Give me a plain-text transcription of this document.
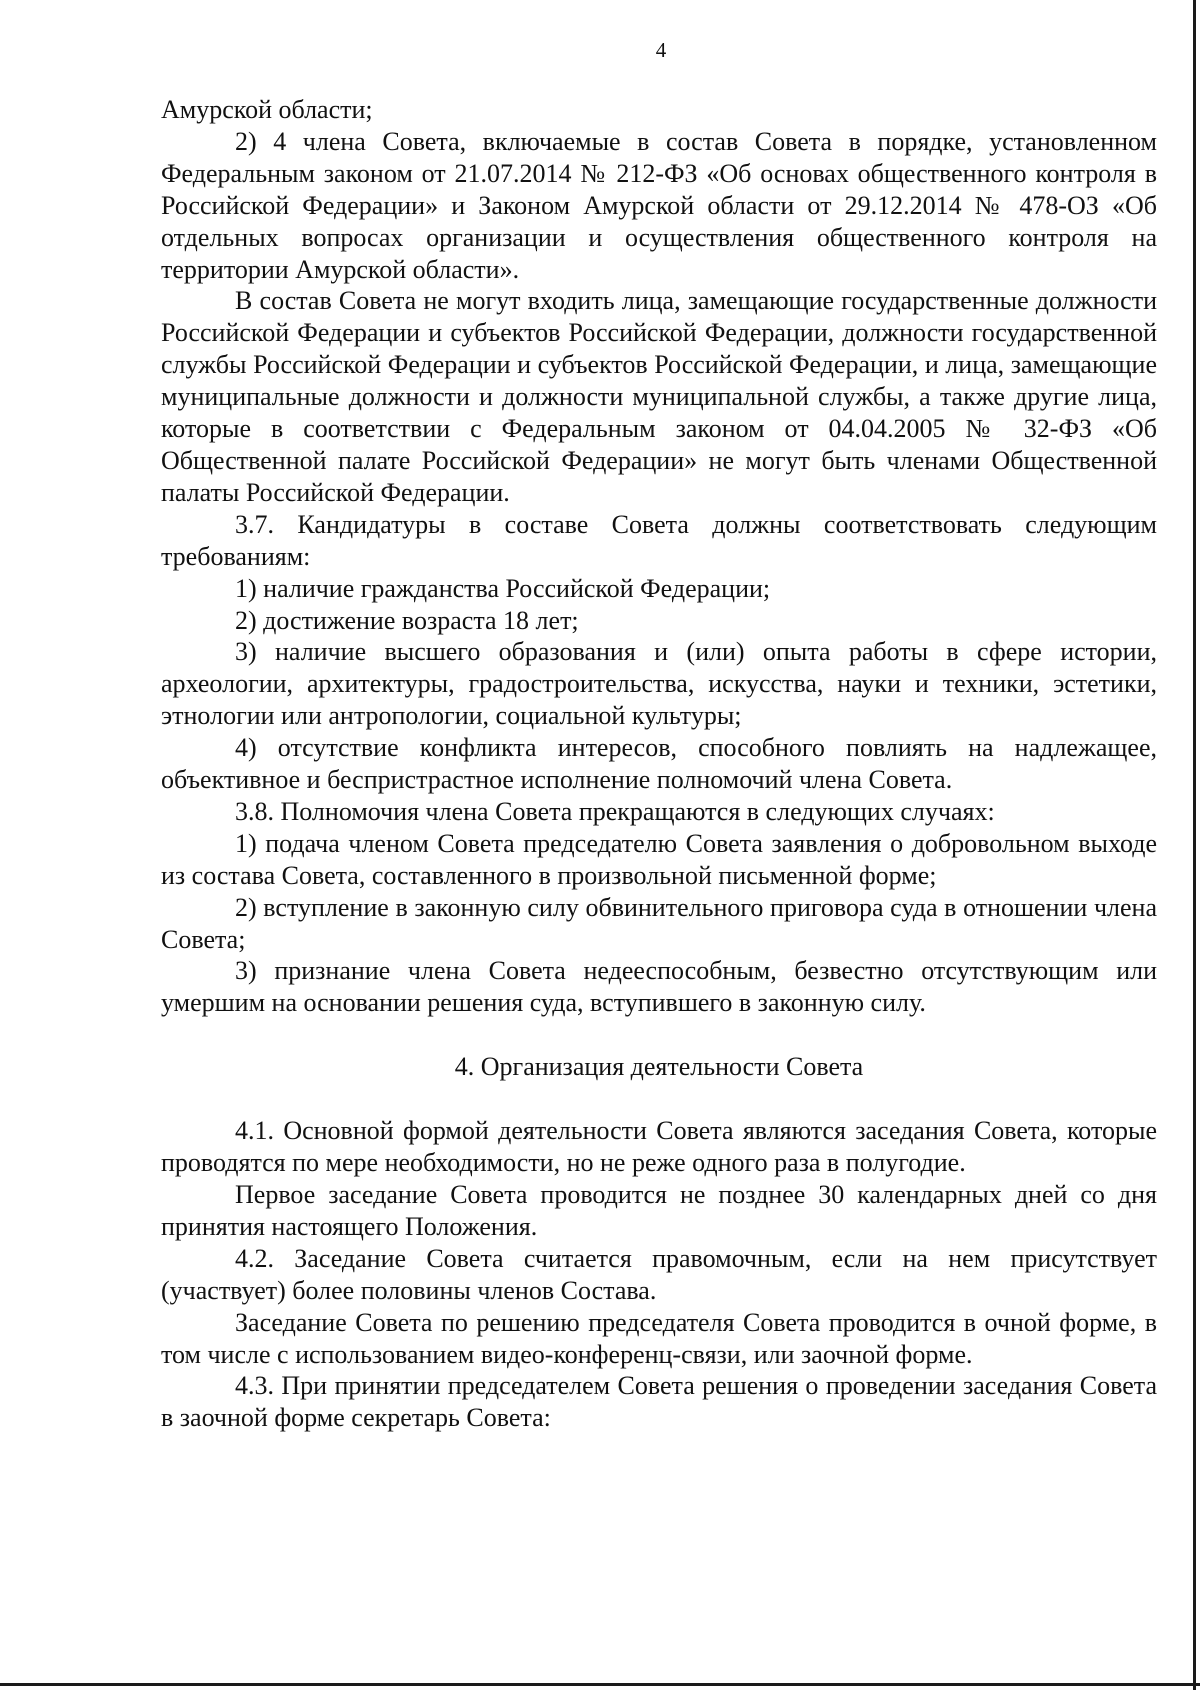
4

Амурской области;

2) 4 члена Совета, включаемые в состав Совета в порядке, установленном Федеральным законом от 21.07.2014 № 212-ФЗ «Об основах общественного контроля в Российской Федерации» и Законом Амурской области от 29.12.2014 № 478-ОЗ «Об отдельных вопросах организации и осуществления общественного контроля на территории Амурской области».

В состав Совета не могут входить лица, замещающие государственные должности Российской Федерации и субъектов Российской Федерации, должности государственной службы Российской Федерации и субъектов Российской Федерации, и лица, замещающие муниципальные должности и должности муниципальной службы, а также другие лица, которые в соответствии с Федеральным законом от 04.04.2005 № 32-ФЗ «Об Общественной палате Российской Федерации» не могут быть членами Общественной палаты Российской Федерации.

3.7. Кандидатуры в составе Совета должны соответствовать следующим требованиям:

1) наличие гражданства Российской Федерации;

2) достижение возраста 18 лет;

3) наличие высшего образования и (или) опыта работы в сфере истории, археологии, архитектуры, градостроительства, искусства, науки и техники, эстетики, этнологии или антропологии, социальной культуры;

4) отсутствие конфликта интересов, способного повлиять на надлежащее, объективное и беспристрастное исполнение полномочий члена Совета.

3.8. Полномочия члена Совета прекращаются в следующих случаях:

1) подача членом Совета председателю Совета заявления о добровольном выходе из состава Совета, составленного в произвольной письменной форме;

2) вступление в законную силу обвинительного приговора суда в отношении члена Совета;

3) признание члена Совета недееспособным, безвестно отсутствующим или умершим на основании решения суда, вступившего в законную силу.

4. Организация деятельности Совета

4.1. Основной формой деятельности Совета являются заседания Совета, которые проводятся по мере необходимости, но не реже одного раза в полугодие.

Первое заседание Совета проводится не позднее 30 календарных дней со дня принятия настоящего Положения.

4.2. Заседание Совета считается правомочным, если на нем присутствует (участвует) более половины членов Состава.

Заседание Совета по решению председателя Совета проводится в очной форме, в том числе с использованием видео-конференц-связи, или заочной форме.

4.3. При принятии председателем Совета решения о проведении заседания Совета в заочной форме секретарь Совета:
